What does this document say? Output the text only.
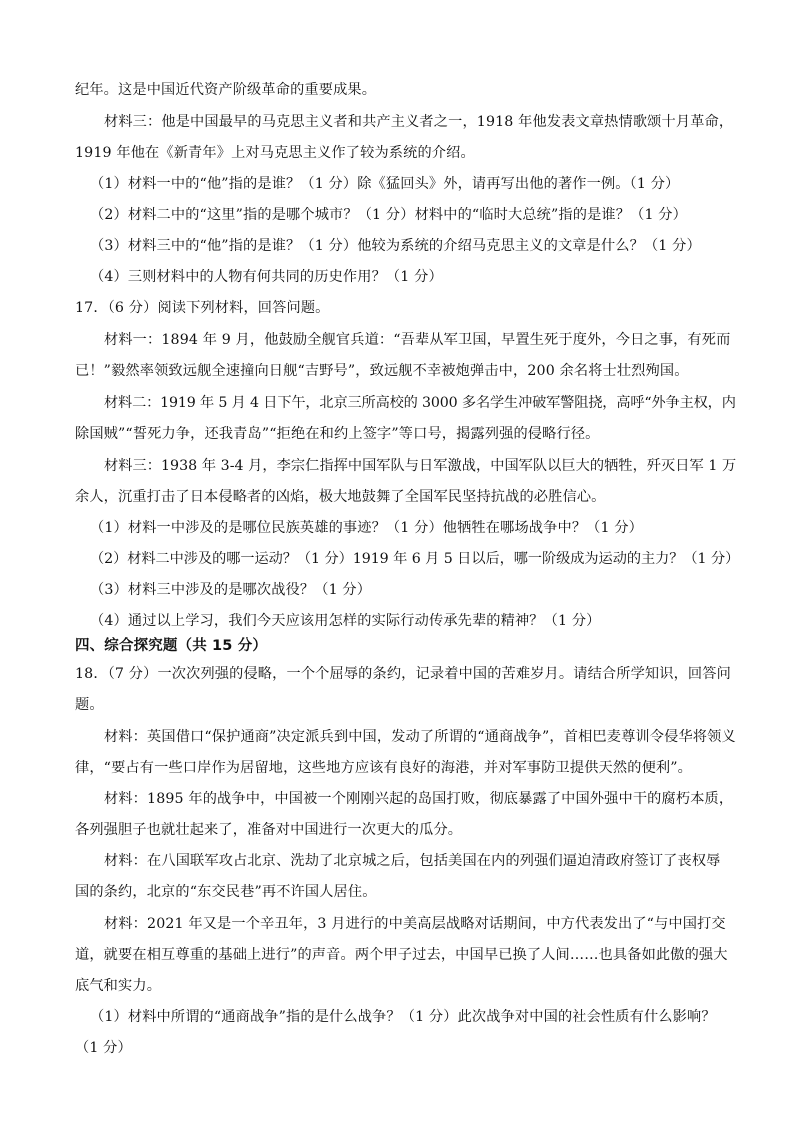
纪年。这是中国近代资产阶级革命的重要成果。
材料三：他是中国最早的马克思主义者和共产主义者之一，1918 年他发表文章热情歌颂十月革命，
1919 年他在《新青年》上对马克思主义作了较为系统的介绍。
（1）材料一中的“他”指的是谁？（1 分）除《猛回头》外，请再写出他的著作一例。（1 分）
（2）材料二中的“这里”指的是哪个城市？（1 分）材料中的“临时大总统”指的是谁？（1 分）
（3）材料三中的“他”指的是谁？（1 分）他较为系统的介绍马克思主义的文章是什么？（1 分）
（4）三则材料中的人物有何共同的历史作用？（1 分）
17．（6 分）阅读下列材料，回答问题。
材料一：1894 年 9 月，他鼓励全舰官兵道：“吾辈从军卫国，早置生死于度外，今日之事，有死而
已！”毅然率领致远舰全速撞向日舰“吉野号”，致远舰不幸被炮弹击中，200 余名将士壮烈殉国。
材料二：1919 年 5 月 4 日下午，北京三所高校的 3000 多名学生冲破军警阻挠，高呼“外争主权，内
除国贼”“誓死力争，还我青岛”“拒绝在和约上签字”等口号，揭露列强的侵略行径。
材料三：1938 年 3-4 月，李宗仁指挥中国军队与日军激战，中国军队以巨大的牺牲，歼灭日军 1 万
余人，沉重打击了日本侵略者的凶焰，极大地鼓舞了全国军民坚持抗战的必胜信心。
（1）材料一中涉及的是哪位民族英雄的事迹？（1 分）他牺牲在哪场战争中？（1 分）
（2）材料二中涉及的哪一运动？（1 分）1919 年 6 月 5 日以后，哪一阶级成为运动的主力？（1 分）
（3）材料三中涉及的是哪次战役？（1 分）
（4）通过以上学习，我们今天应该用怎样的实际行动传承先辈的精神？（1 分）
四、综合探究题（共 15 分）
18．（7 分）一次次列强的侵略，一个个屈辱的条约，记录着中国的苦难岁月。请结合所学知识，回答问
题。
材料：英国借口“保护通商”决定派兵到中国，发动了所谓的“通商战争”，首相巴麦尊训令侵华将领义
律，“要占有一些口岸作为居留地，这些地方应该有良好的海港，并对军事防卫提供天然的便利”。
材料：1895 年的战争中，中国被一个刚刚兴起的岛国打败，彻底暴露了中国外强中干的腐朽本质，
各列强胆子也就壮起来了，准备对中国进行一次更大的瓜分。
材料：在八国联军攻占北京、洗劫了北京城之后，包括美国在内的列强们逼迫清政府签订了丧权辱
国的条约，北京的“东交民巷”再不许国人居住。
材料：2021 年又是一个辛丑年，3 月进行的中美高层战略对话期间，中方代表发出了“与中国打交
道，就要在相互尊重的基础上进行”的声音。两个甲子过去，中国早已换了人间……也具备如此傲的强大
底气和实力。
（1）材料中所谓的“通商战争”指的是什么战争？（1 分）此次战争对中国的社会性质有什么影响？
（1 分）
